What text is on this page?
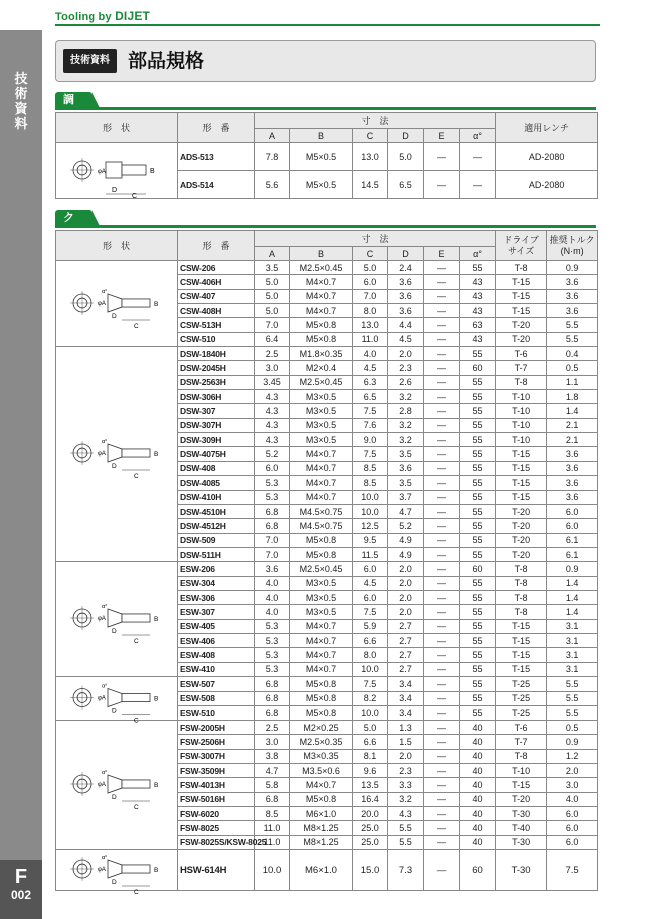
Tooling by DIJET
技術資料
F
002
技術資料 部品規格
調
形　状	形　番	寸　法						適用レンチ
		A	B	C	D	E	α°	

D
C
B
φA	ADS-513	7.8	M5×0.5	13.0	5.0	—	—	AD-2080
	ADS-514	5.6	M5×0.5	14.5	6.5	—	—	AD-2080
ク
形　状	形　番	寸　法						ドライブ
サイズ	推奨トルク
(N·m)
		A	B	C	D	E	α°		

D
C
B
φA
α°	CSW-206	3.5	M2.5×0.45	5.0	2.4	—	55	T-8	0.9
	CSW-406H	5.0	M4×0.7	6.0	3.6	—	43	T-15	3.6
	CSW-407	5.0	M4×0.7	7.0	3.6	—	43	T-15	3.6
	CSW-408H	5.0	M4×0.7	8.0	3.6	—	43	T-15	3.6
	CSW-513H	7.0	M5×0.8	13.0	4.4	—	63	T-20	5.5
	CSW-510	6.4	M5×0.8	11.0	4.5	—	43	T-20	5.5

D
C
B
φA
α°	DSW-1840H	2.5	M1.8×0.35	4.0	2.0	—	55	T-6	0.4
	DSW-2045H	3.0	M2×0.4	4.5	2.3	—	60	T-7	0.5
	DSW-2563H	3.45	M2.5×0.45	6.3	2.6	—	55	T-8	1.1
	DSW-306H	4.3	M3×0.5	6.5	3.2	—	55	T-10	1.8
	DSW-307	4.3	M3×0.5	7.5	2.8	—	55	T-10	1.4
	DSW-307H	4.3	M3×0.5	7.6	3.2	—	55	T-10	2.1
	DSW-309H	4.3	M3×0.5	9.0	3.2	—	55	T-10	2.1
	DSW-4075H	5.2	M4×0.7	7.5	3.5	—	55	T-15	3.6
	DSW-408	6.0	M4×0.7	8.5	3.6	—	55	T-15	3.6
	DSW-4085	5.3	M4×0.7	8.5	3.5	—	55	T-15	3.6
	DSW-410H	5.3	M4×0.7	10.0	3.7	—	55	T-15	3.6
	DSW-4510H	6.8	M4.5×0.75	10.0	4.7	—	55	T-20	6.0
	DSW-4512H	6.8	M4.5×0.75	12.5	5.2	—	55	T-20	6.0
	DSW-509	7.0	M5×0.8	9.5	4.9	—	55	T-20	6.1
	DSW-511H	7.0	M5×0.8	11.5	4.9	—	55	T-20	6.1

D
C
B
φA
α°	ESW-206	3.6	M2.5×0.45	6.0	2.0	—	60	T-8	0.9
	ESW-304	4.0	M3×0.5	4.5	2.0	—	55	T-8	1.4
	ESW-306	4.0	M3×0.5	6.0	2.0	—	55	T-8	1.4
	ESW-307	4.0	M3×0.5	7.5	2.0	—	55	T-8	1.4
	ESW-405	5.3	M4×0.7	5.9	2.7	—	55	T-15	3.1
	ESW-406	5.3	M4×0.7	6.6	2.7	—	55	T-15	3.1
	ESW-408	5.3	M4×0.7	8.0	2.7	—	55	T-15	3.1
	ESW-410	5.3	M4×0.7	10.0	2.7	—	55	T-15	3.1

D
C
B
φA
α°	ESW-507	6.8	M5×0.8	7.5	3.4	—	55	T-25	5.5
	ESW-508	6.8	M5×0.8	8.2	3.4	—	55	T-25	5.5
	ESW-510	6.8	M5×0.8	10.0	3.4	—	55	T-25	5.5

D
C
B
φA
α°	FSW-2005H	2.5	M2×0.25	5.0	1.3	—	40	T-6	0.5
	FSW-2506H	3.0	M2.5×0.35	6.6	1.5	—	40	T-7	0.9
	FSW-3007H	3.8	M3×0.35	8.1	2.0	—	40	T-8	1.2
	FSW-3509H	4.7	M3.5×0.6	9.6	2.3	—	40	T-10	2.0
	FSW-4013H	5.8	M4×0.7	13.5	3.3	—	40	T-15	3.0
	FSW-5016H	6.8	M5×0.8	16.4	3.2	—	40	T-20	4.0
	FSW-6020	8.5	M6×1.0	20.0	4.3	—	40	T-30	6.0
	FSW-8025	11.0	M8×1.25	25.0	5.5	—	40	T-40	6.0
	FSW-8025S/KSW-8025	11.0	M8×1.25	25.0	5.5	—	40	T-30	6.0

D
C
B
φA
α°	HSW-614H	10.0	M6×1.0	15.0	7.3	—	60	T-30	7.5
